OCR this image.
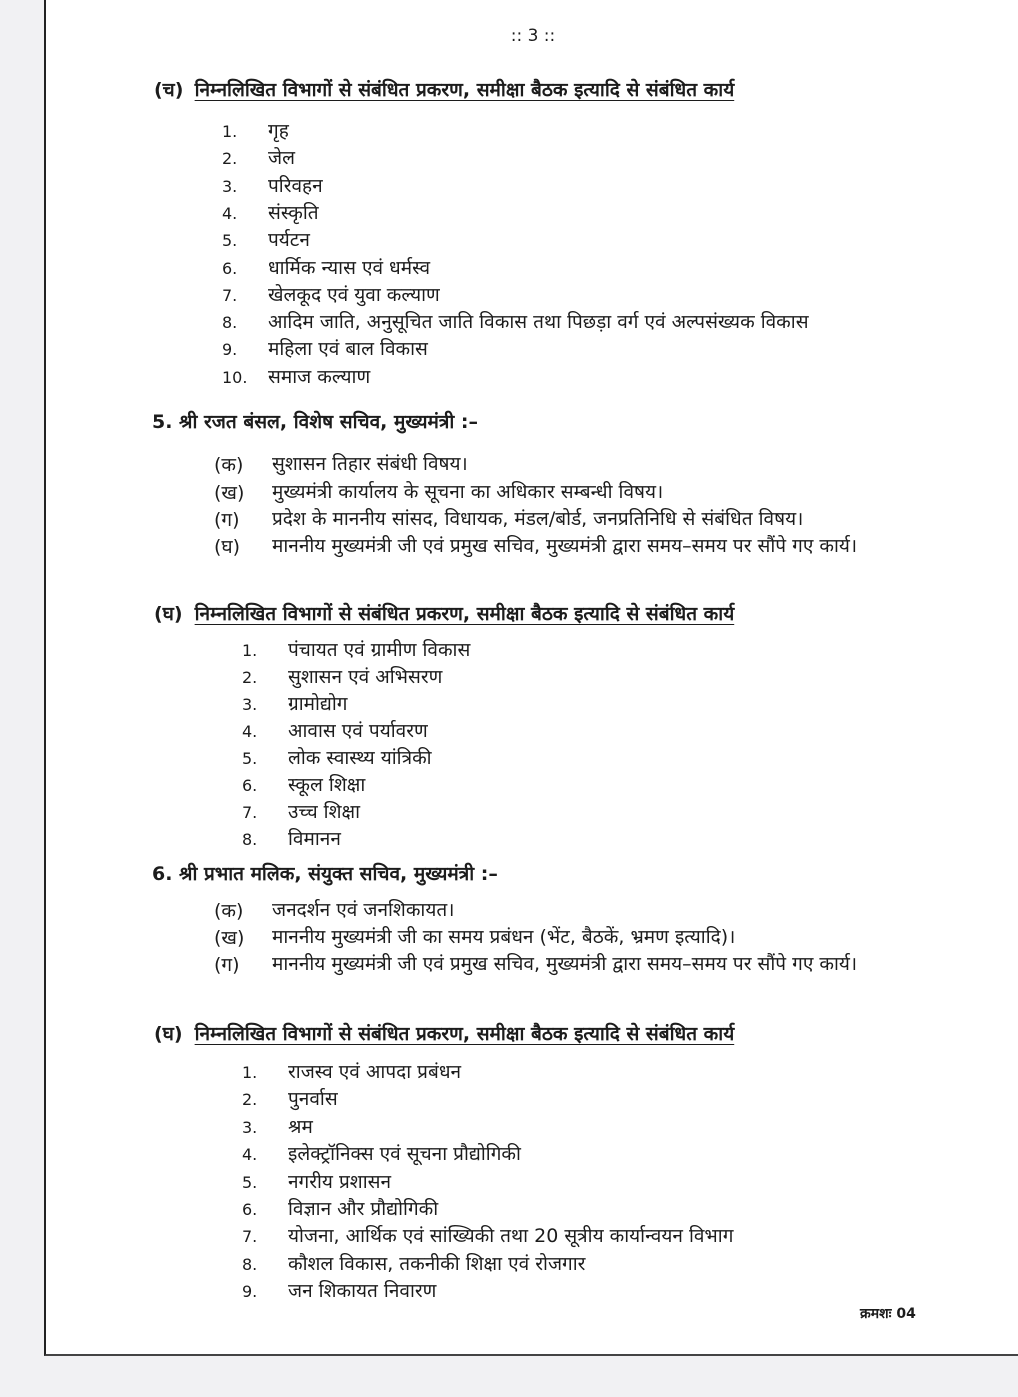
:: 3 ::
(च) निम्नलिखित विभागों से संबंधित प्रकरण, समीक्षा बैठक इत्यादि से संबंधित कार्य
1. गृह
2. जेल
3. परिवहन
4. संस्कृति
5. पर्यटन
6. धार्मिक न्यास एवं धर्मस्व
7. खेलकूद एवं युवा कल्याण
8. आदिम जाति, अनुसूचित जाति विकास तथा पिछड़ा वर्ग एवं अल्पसंख्यक विकास
9. महिला एवं बाल विकास
10. समाज कल्याण
5. श्री रजत बंसल, विशेष सचिव, मुख्यमंत्री :–
(क)	सुशासन तिहार संबंधी विषय।
(ख)	मुख्यमंत्री कार्यालय के सूचना का अधिकार सम्बन्धी विषय।
(ग)	प्रदेश के माननीय सांसद, विधायक, मंडल/बोर्ड, जनप्रतिनिधि से संबंधित विषय।
(घ)	माननीय मुख्यमंत्री जी एवं प्रमुख सचिव, मुख्यमंत्री द्वारा समय–समय पर सौंपे गए कार्य।
(घ) निम्नलिखित विभागों से संबंधित प्रकरण, समीक्षा बैठक इत्यादि से संबंधित कार्य
1. पंचायत एवं ग्रामीण विकास
2. सुशासन एवं अभिसरण
3. ग्रामोद्योग
4. आवास एवं पर्यावरण
5. लोक स्वास्थ्य यांत्रिकी
6. स्कूल शिक्षा
7. उच्च शिक्षा
8. विमानन
6. श्री प्रभात मलिक, संयुक्त सचिव, मुख्यमंत्री :–
(क)	जनदर्शन एवं जनशिकायत।
(ख)	माननीय मुख्यमंत्री जी का समय प्रबंधन (भेंट, बैठकें, भ्रमण इत्यादि)।
(ग)	माननीय मुख्यमंत्री जी एवं प्रमुख सचिव, मुख्यमंत्री द्वारा समय–समय पर सौंपे गए कार्य।
(घ) निम्नलिखित विभागों से संबंधित प्रकरण, समीक्षा बैठक इत्यादि से संबंधित कार्य
1. राजस्व एवं आपदा प्रबंधन
2. पुनर्वास
3. श्रम
4. इलेक्ट्रॉनिक्स एवं सूचना प्रौद्योगिकी
5. नगरीय प्रशासन
6. विज्ञान और प्रौद्योगिकी
7. योजना, आर्थिक एवं सांख्यिकी तथा 20 सूत्रीय कार्यान्वयन विभाग
8. कौशल विकास, तकनीकी शिक्षा एवं रोजगार
9. जन शिकायत निवारण
क्रमशः 04
